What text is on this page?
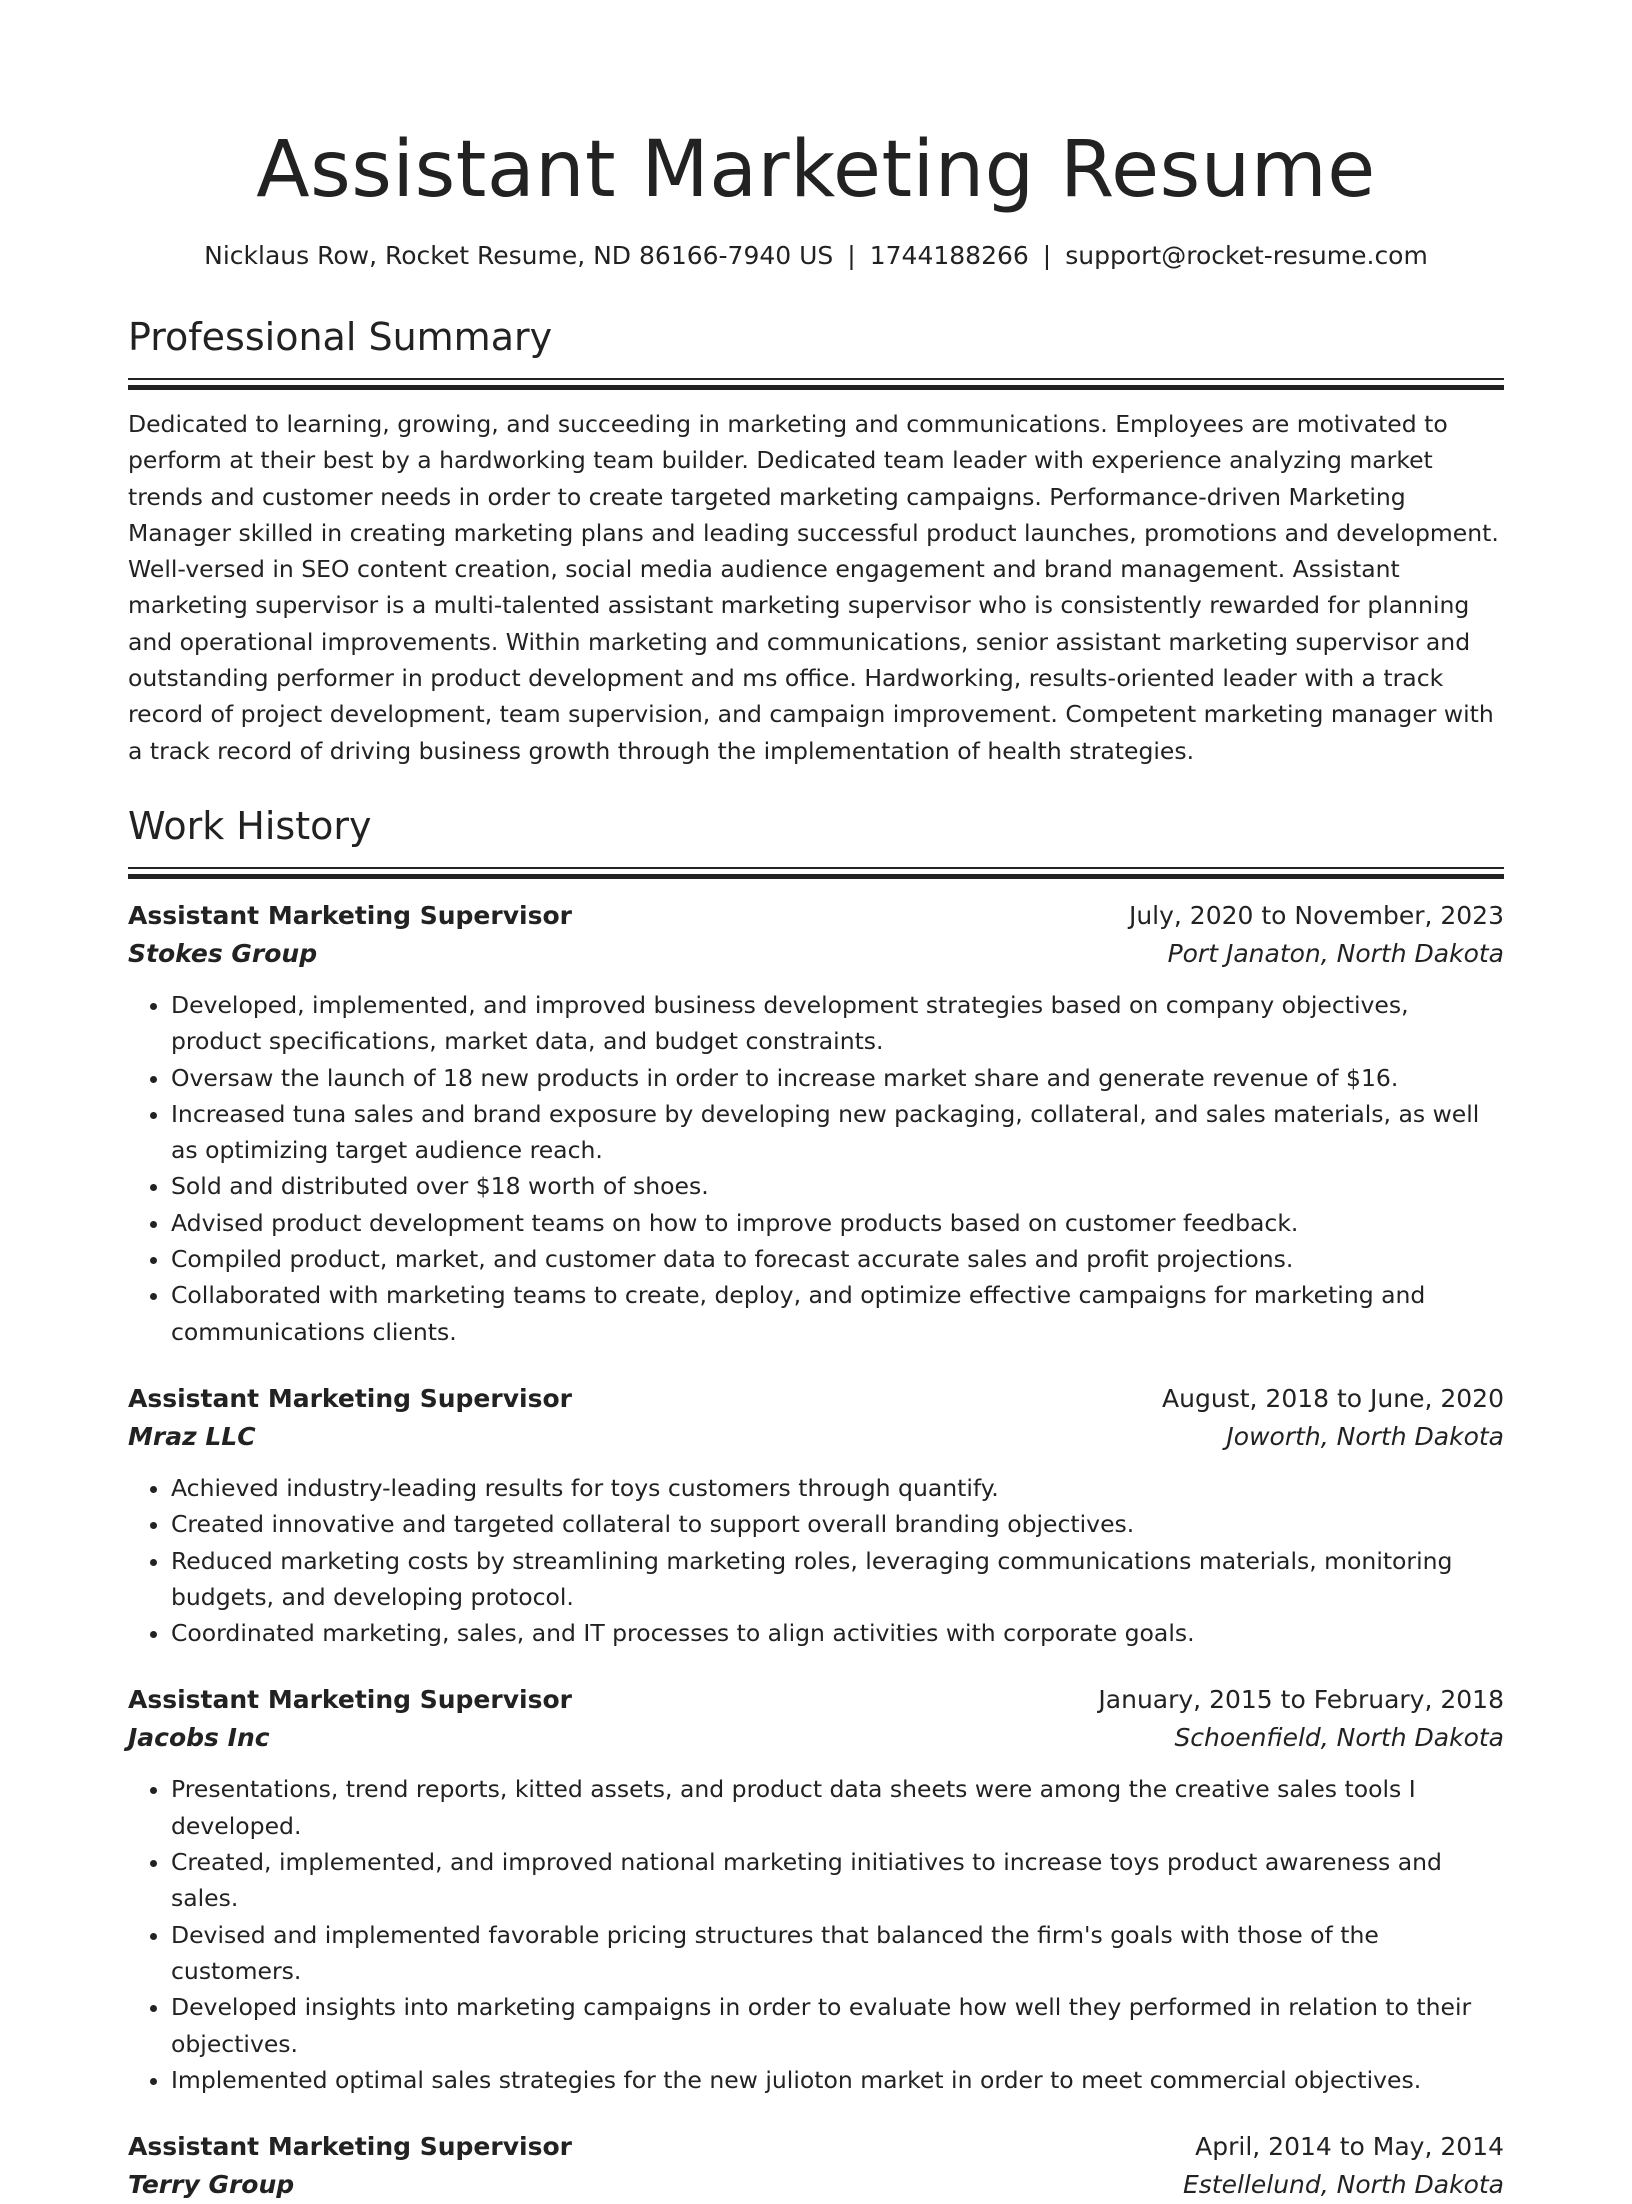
Assistant Marketing Resume
Nicklaus Row, Rocket Resume, ND 86166-7940 US | 1744188266 | support@rocket-resume.com
Professional Summary

Dedicated to learning, growing, and succeeding in marketing and communications. Employees are motivated to perform at their best by a hardworking team builder. Dedicated team leader with experience analyzing market trends and customer needs in order to create targeted marketing campaigns. Performance-driven Marketing Manager skilled in creating marketing plans and leading successful product launches, promotions and development. Well-versed in SEO content creation, social media audience engagement and brand management. Assistant marketing supervisor is a multi-talented assistant marketing supervisor who is consistently rewarded for planning and operational improvements. Within marketing and communications, senior assistant marketing supervisor and outstanding performer in product development and ms office. Hardworking, results-oriented leader with a track record of project development, team supervision, and campaign improvement. Competent marketing manager with a track record of driving business growth through the implementation of health strategies.

Work History
Assistant Marketing Supervisor	July, 2020 to November, 2023
Stokes Group	Port Janaton, North Dakota
• Developed, implemented, and improved business development strategies based on company objectives, product specifications, market data, and budget constraints.
• Oversaw the launch of 18 new products in order to increase market share and generate revenue of $16.
• Increased tuna sales and brand exposure by developing new packaging, collateral, and sales materials, as well as optimizing target audience reach.
• Sold and distributed over $18 worth of shoes.
• Advised product development teams on how to improve products based on customer feedback.
• Compiled product, market, and customer data to forecast accurate sales and profit projections.
• Collaborated with marketing teams to create, deploy, and optimize effective campaigns for marketing and communications clients.
Assistant Marketing Supervisor	August, 2018 to June, 2020
Mraz LLC	Joworth, North Dakota
• Achieved industry-leading results for toys customers through quantify.
• Created innovative and targeted collateral to support overall branding objectives.
• Reduced marketing costs by streamlining marketing roles, leveraging communications materials, monitoring budgets, and developing protocol.
• Coordinated marketing, sales, and IT processes to align activities with corporate goals.
Assistant Marketing Supervisor	January, 2015 to February, 2018
Jacobs Inc	Schoenfield, North Dakota
• Presentations, trend reports, kitted assets, and product data sheets were among the creative sales tools I developed.
• Created, implemented, and improved national marketing initiatives to increase toys product awareness and sales.
• Devised and implemented favorable pricing structures that balanced the firm's goals with those of the customers.
• Developed insights into marketing campaigns in order to evaluate how well they performed in relation to their objectives.
• Implemented optimal sales strategies for the new julioton market in order to meet commercial objectives.
Assistant Marketing Supervisor	April, 2014 to May, 2014
Terry Group	Estellelund, North Dakota
